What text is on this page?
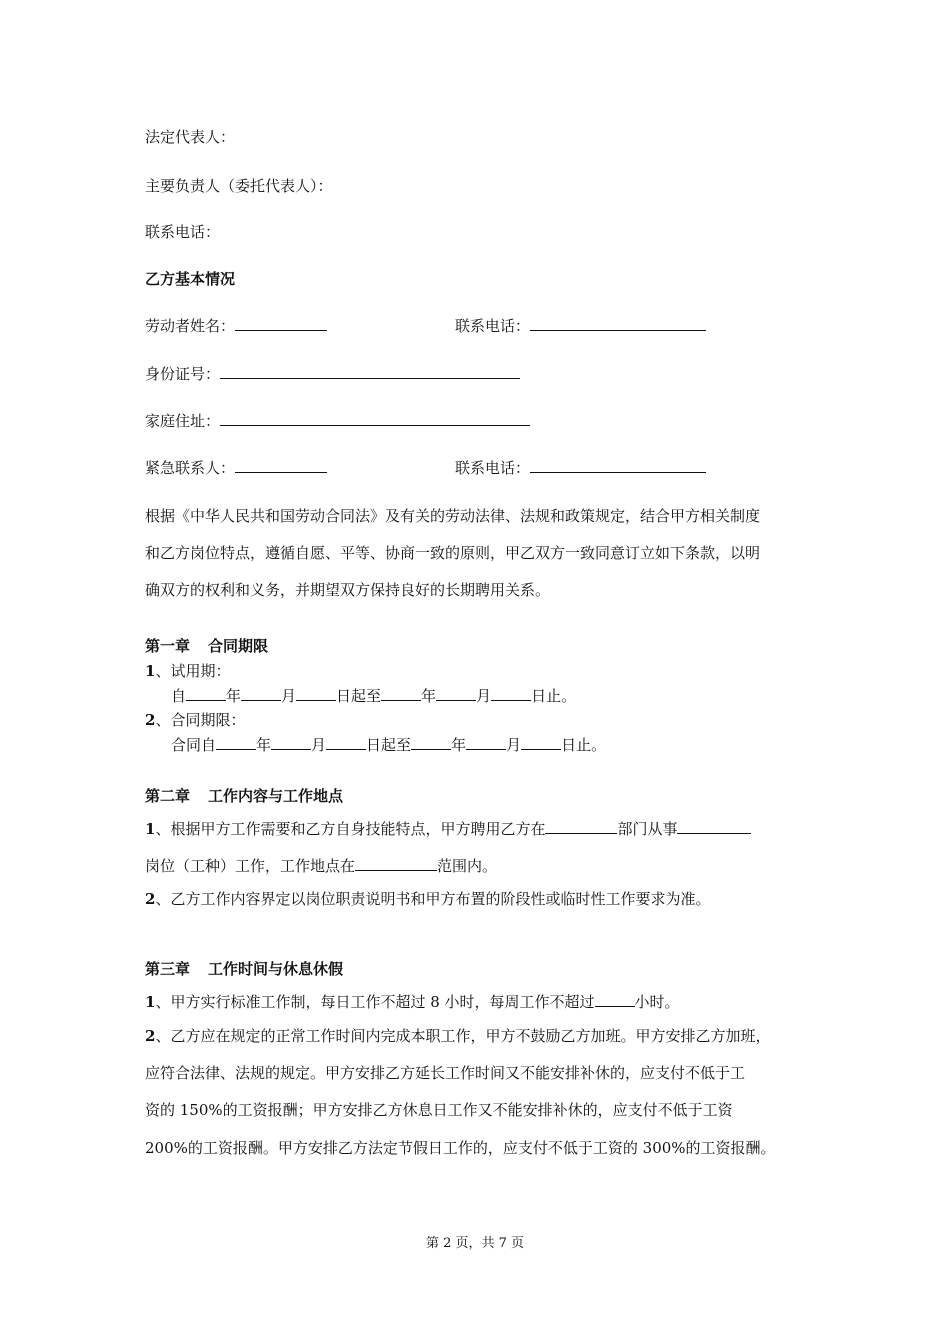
法定代表人：
主要负责人（委托代表人）：
联系电话：
乙方基本情况
劳动者姓名：	联系电话：
身份证号：
家庭住址：
紧急联系人：	联系电话：
根据《中华人民共和国劳动合同法》及有关的劳动法律、法规和政策规定，结合甲方相关制度
和乙方岗位特点，遵循自愿、平等、协商一致的原则，甲乙双方一致同意订立如下条款，以明
确双方的权利和义务，并期望双方保持良好的长期聘用关系。
第一章 合同期限
1、试用期：
自	年	月	日起至	年	月	日止。
2、合同期限：
合同自	年	月	日起至	年	月	日止。
第二章 工作内容与工作地点
1、根据甲方工作需要和乙方自身技能特点，甲方聘用乙方在	部门从事
岗位（工种）工作，工作地点在	范围内。
2、乙方工作内容界定以岗位职责说明书和甲方布置的阶段性或临时性工作要求为准。
第三章 工作时间与休息休假
1、甲方实行标准工作制，每日工作不超过 8 小时，每周工作不超过	小时。
2、乙方应在规定的正常工作时间内完成本职工作，甲方不鼓励乙方加班。甲方安排乙方加班，
应符合法律、法规的规定。甲方安排乙方延长工作时间又不能安排补休的，应支付不低于工
资的 150%的工资报酬；甲方安排乙方休息日工作又不能安排补休的，应支付不低于工资
200%的工资报酬。甲方安排乙方法定节假日工作的，应支付不低于工资的 300%的工资报酬。
第 2 页，共 7 页
